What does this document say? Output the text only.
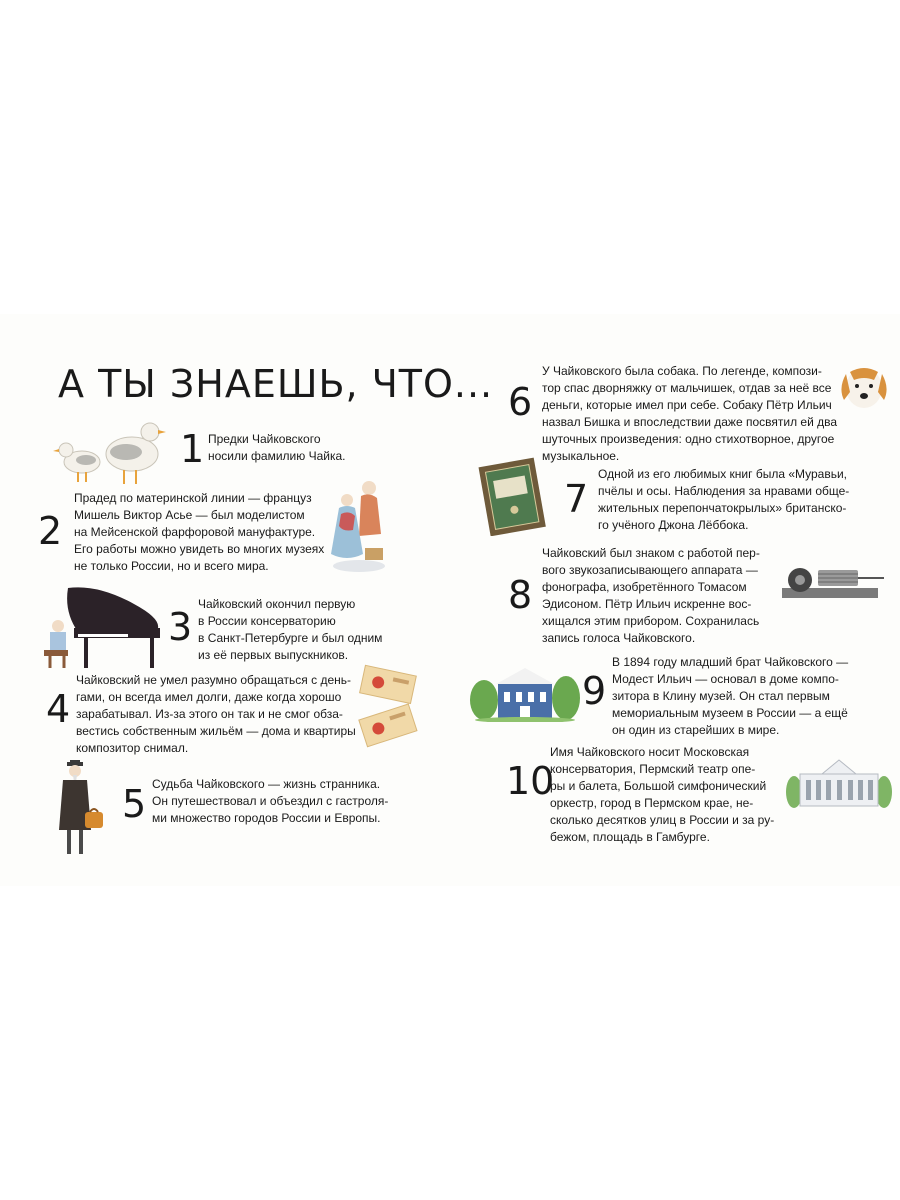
А ТЫ ЗНАЕШЬ, ЧТО...
1 Предки Чайковского
носили фамилию Чайка.
2
Прадед по материнской линии — француз
Мишель Виктор Асье — был моделистом
на Мейсенской фарфоровой мануфактуре.
Его работы можно увидеть во многих музеях
не только России, но и всего мира.
3
Чайковский окончил первую
в России консерваторию
в Санкт-Петербурге и был одним
из её первых выпускников.
4
Чайковский не умел разумно обращаться с день-
гами, он всегда имел долги, даже когда хорошо
зарабатывал. Из-за этого он так и не смог обза-
вестись собственным жильём — дома и квартиры
композитор снимал.
5 Судьба Чайковского — жизнь странника.
Он путешествовал и объездил с гастроля-
ми множество городов России и Европы.
6
У Чайковского была собака. По легенде, компози-
тор спас дворняжку от мальчишек, отдав за неё все
деньги, которые имел при себе. Собаку Пётр Ильич
назвал Бишка и впоследствии даже посвятил ей два
шуточных произведения: одно стихотворное, другое
музыкальное.
7
Одной из его любимых книг была «Муравьи,
пчёлы и осы. Наблюдения за нравами обще-
жительных перепончатокрылых» британско-
го учёного Джона Лёббока.
8
Чайковский был знаком с работой пер-
вого звукозаписывающего аппарата —
фонографа, изобретённого Томасом
Эдисоном. Пётр Ильич искренне вос-
хищался этим прибором. Сохранилась
запись голоса Чайковского.
9
В 1894 году младший брат Чайковского —
Модест Ильич — основал в доме компо-
зитора в Клину музей. Он стал первым
мемориальным музеем в России — а ещё
он один из старейших в мире.
10
Имя Чайковского носит Московская
консерватория, Пермский театр опе-
ры и балета, Большой симфонический
оркестр, город в Пермском крае, не-
сколько десятков улиц в России и за ру-
бежом, площадь в Гамбурге.
